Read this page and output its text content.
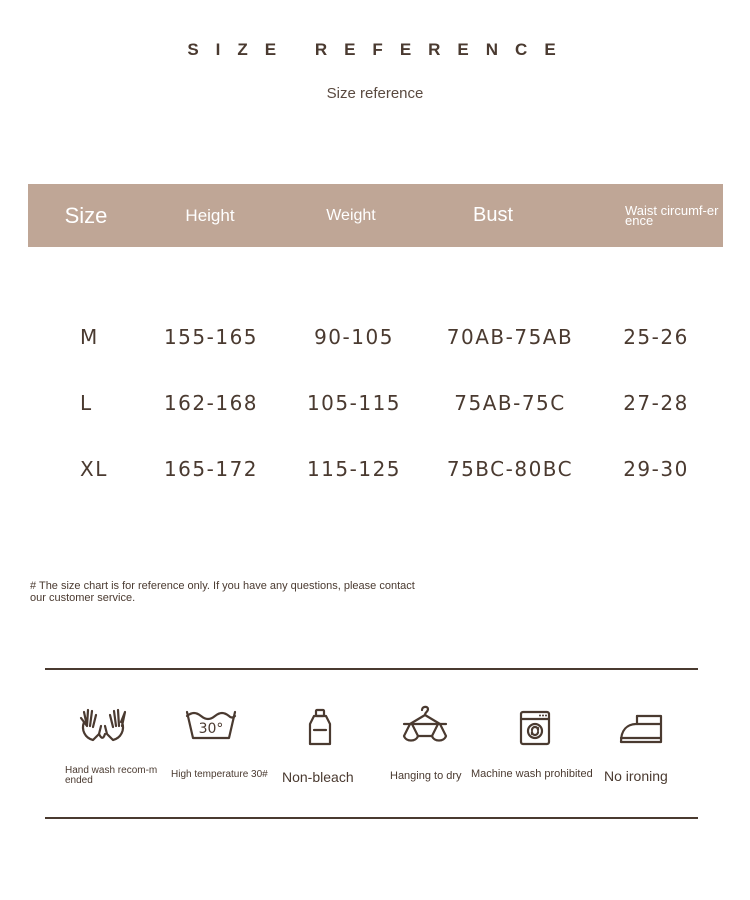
SIZE REFERENCE
Size reference
Size	Height	Weight	Bust	Waist circumf-erence
M	155-165	90-105	70AB-75AB	25-26
L	162-168	105-115	75AB-75C	27-28
XL	165-172	115-125	75BC-80BC	29-30
# The size chart is for reference only. If you have any questions, please contact our customer service.
Hand wash recom-mended
30°
High temperature 30# Non-bleach	Hanging to dry Machine wash prohibited No ironing
